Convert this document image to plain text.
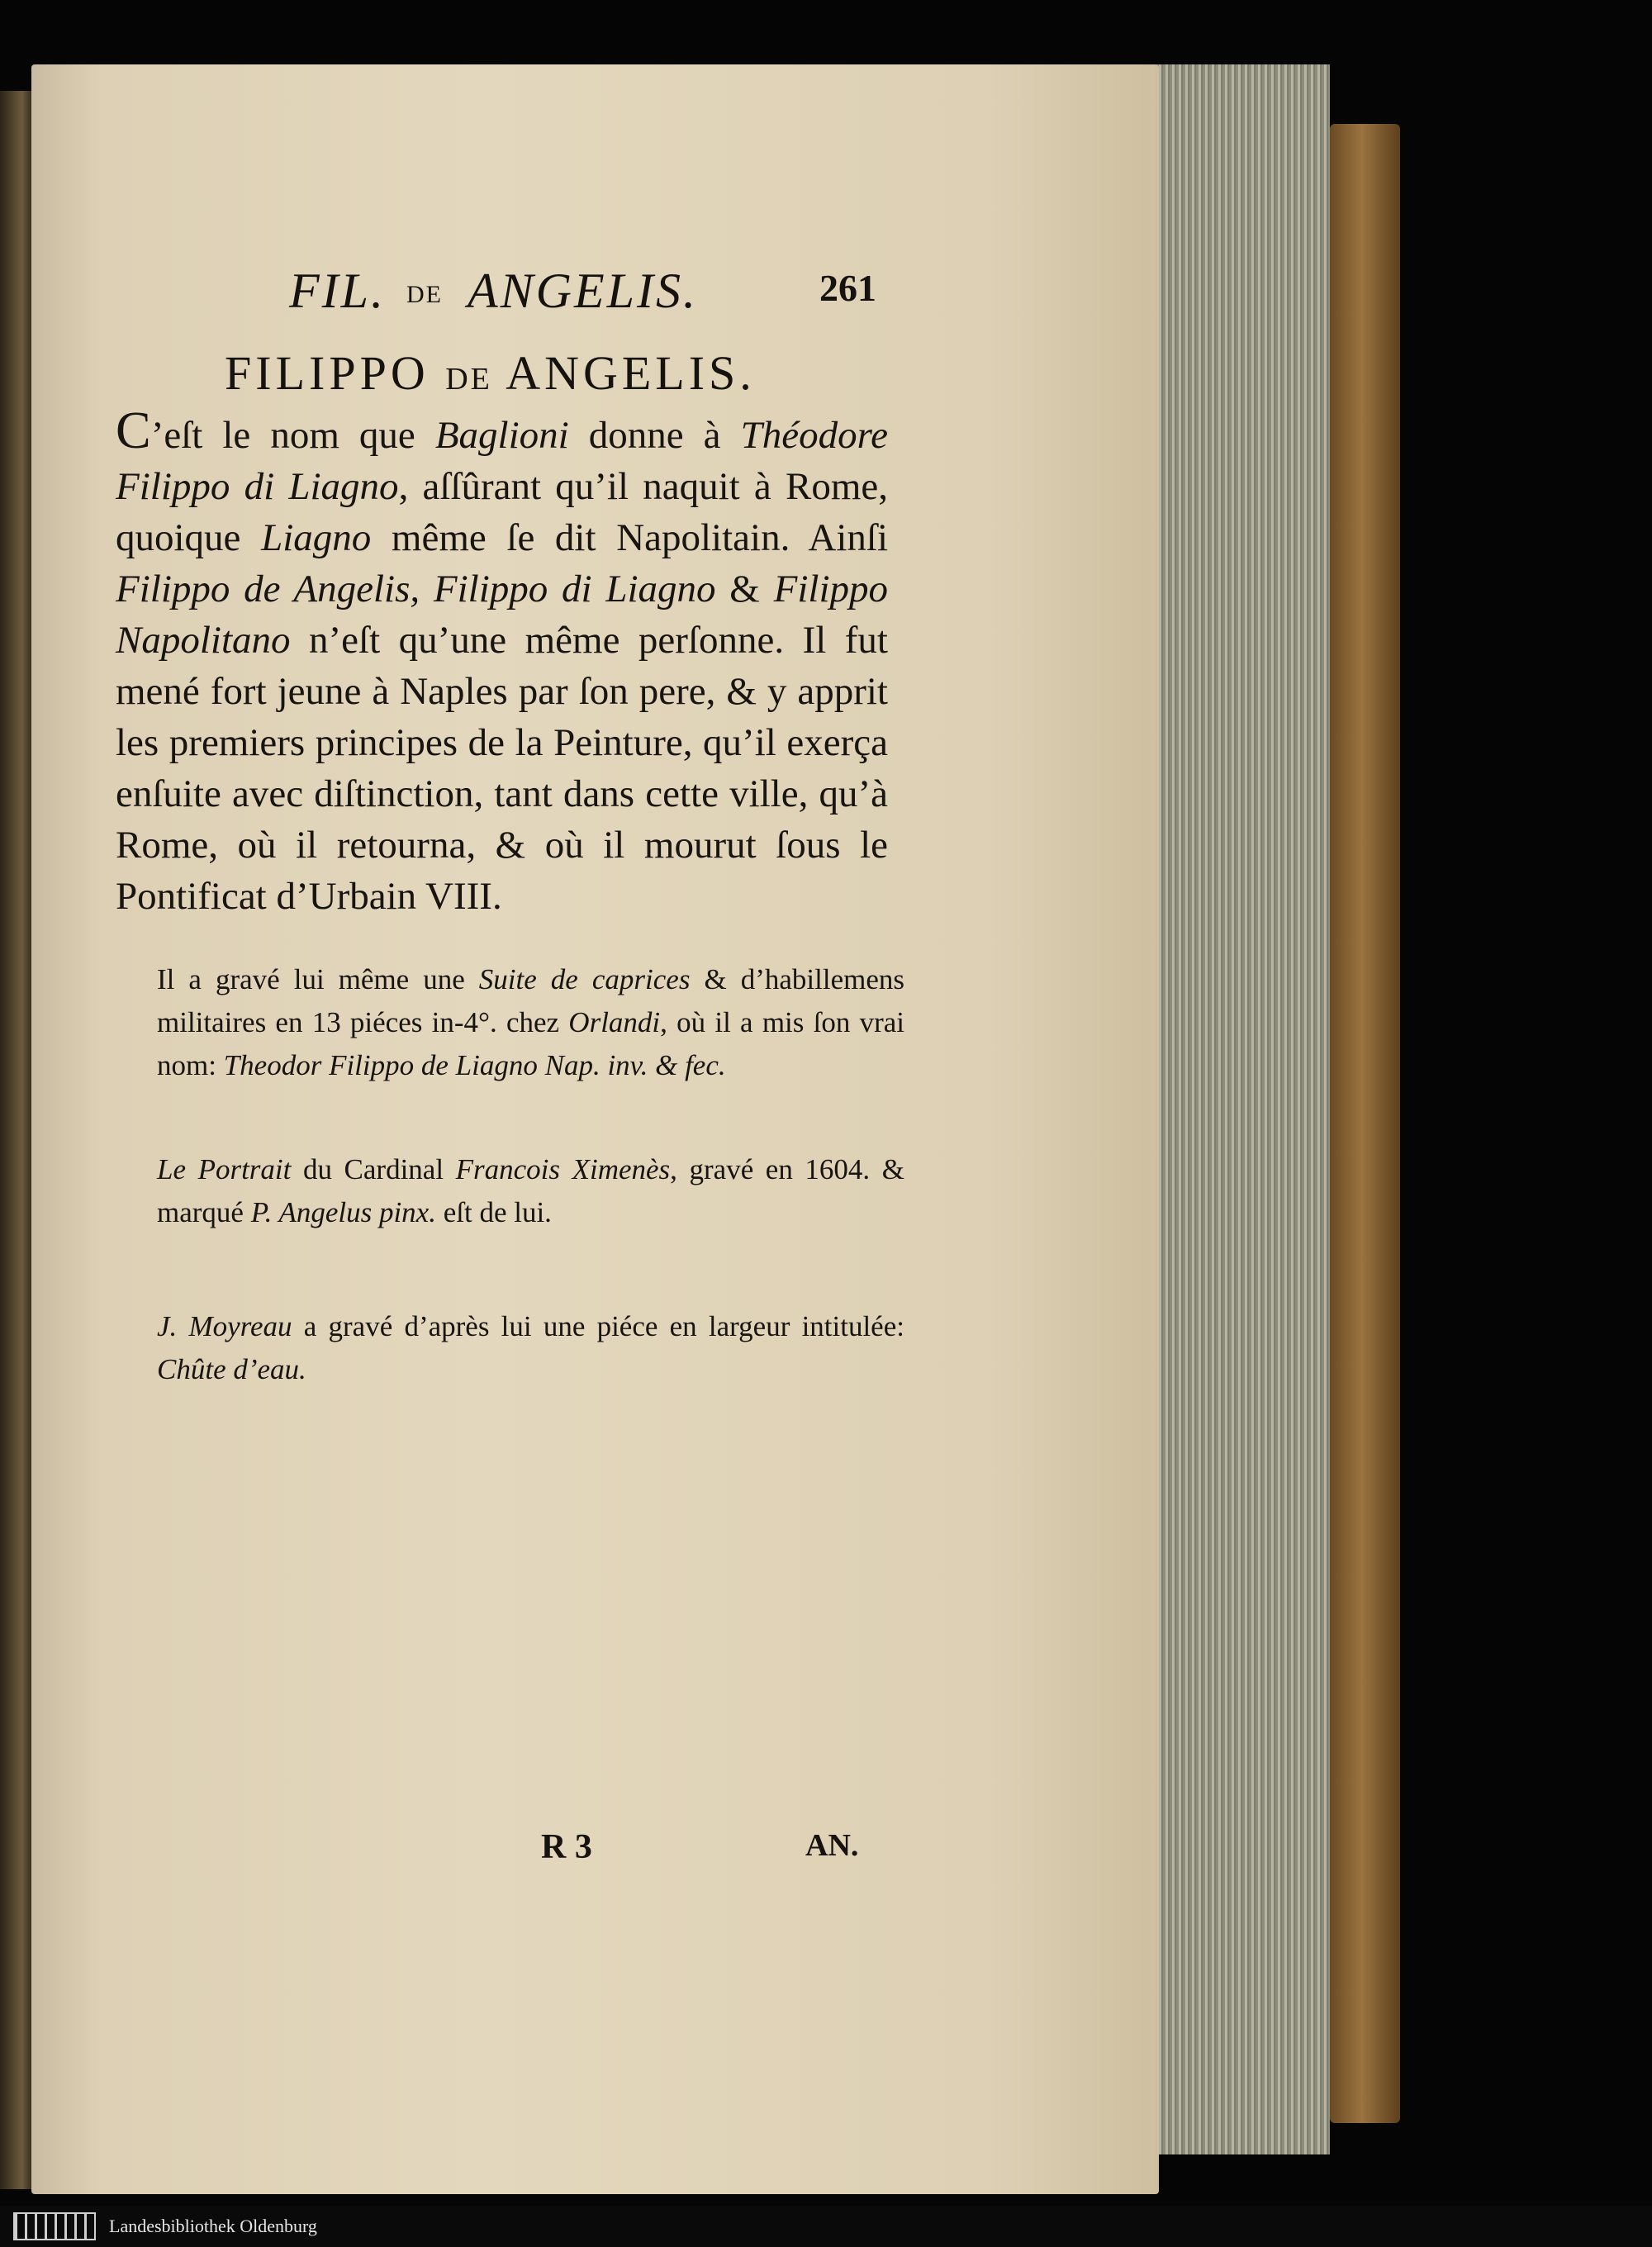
FIL. DE ANGELIS.	261
FILIPPO DE ANGELIS.
C’eſt le nom que Baglioni donne à Théodore Filippo di Liagno, aſſûrant qu’il naquit à Rome, quoique Liagno même ſe dit Napolitain. Ainſi Filippo de Angelis, Filippo di Liagno & Filippo Napolitano n’eſt qu’une même perſonne. Il fut mené fort jeune à Naples par ſon pere, & y apprit les premiers principes de la Peinture, qu’il exerça enſuite avec diſtinction, tant dans cette ville, qu’à Rome, où il retourna, & où il mourut ſous le Pontificat d’Urbain VIII.
Il a gravé lui même une Suite de caprices & d’habillemens militaires en 13 piéces in-4°. chez Orlandi, où il a mis ſon vrai nom: Theodor Filippo de Liagno Nap. inv. & fec.
Le Portrait du Cardinal Francois Ximenès, gravé en 1604. & marqué P. Angelus pinx. eſt de lui.
J. Moyreau a gravé d’après lui une piéce en largeur intitulée: Chûte d’eau.
R 3	AN.
Landesbibliothek Oldenburg
